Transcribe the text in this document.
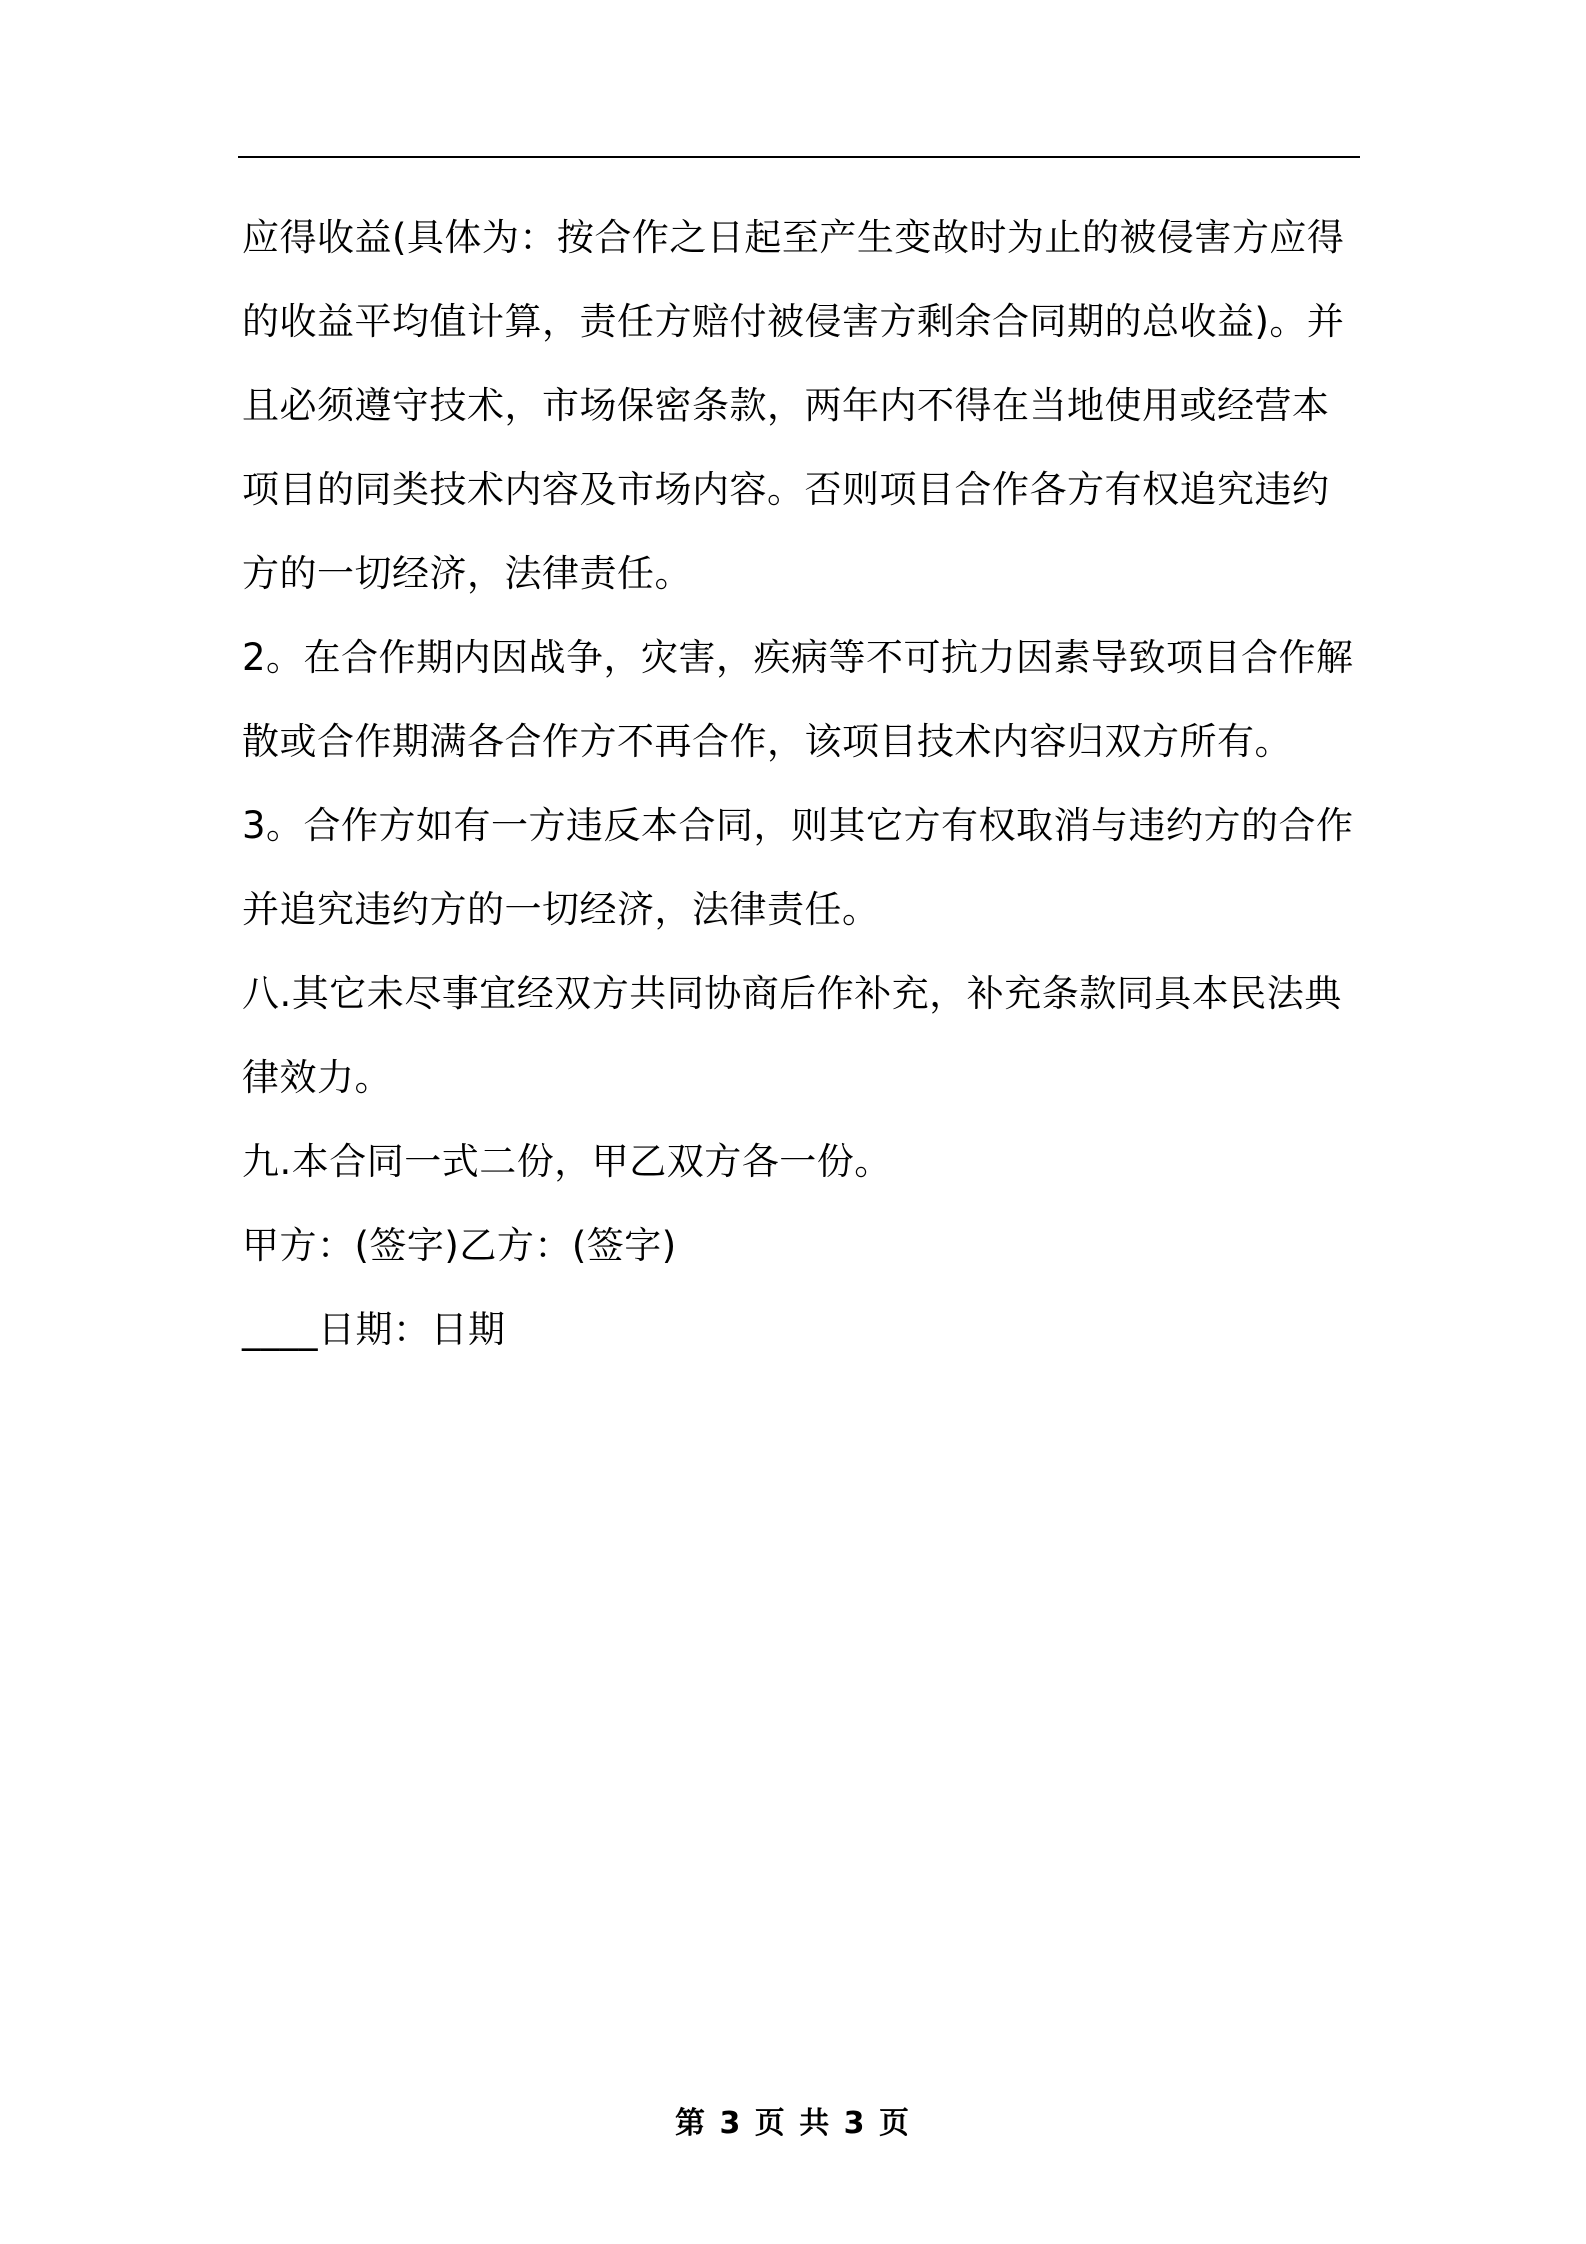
应得收益(具体为：按合作之日起至产生变故时为止的被侵害方应得的收益平均值计算，责任方赔付被侵害方剩余合同期的总收益)。并且必须遵守技术，市场保密条款，两年内不得在当地使用或经营本项目的同类技术内容及市场内容。否则项目合作各方有权追究违约方的一切经济，法律责任。

2。在合作期内因战争，灾害，疾病等不可抗力因素导致项目合作解散或合作期满各合作方不再合作，该项目技术内容归双方所有。

3。合作方如有一方违反本合同，则其它方有权取消与违约方的合作并追究违约方的一切经济，法律责任。

八.其它未尽事宜经双方共同协商后作补充，补充条款同具本民法典律效力。

九.本合同一式二份，甲乙双方各一份。

甲方：(签字)乙方：(签字)

____日期：日期

第 3 页 共 3 页
